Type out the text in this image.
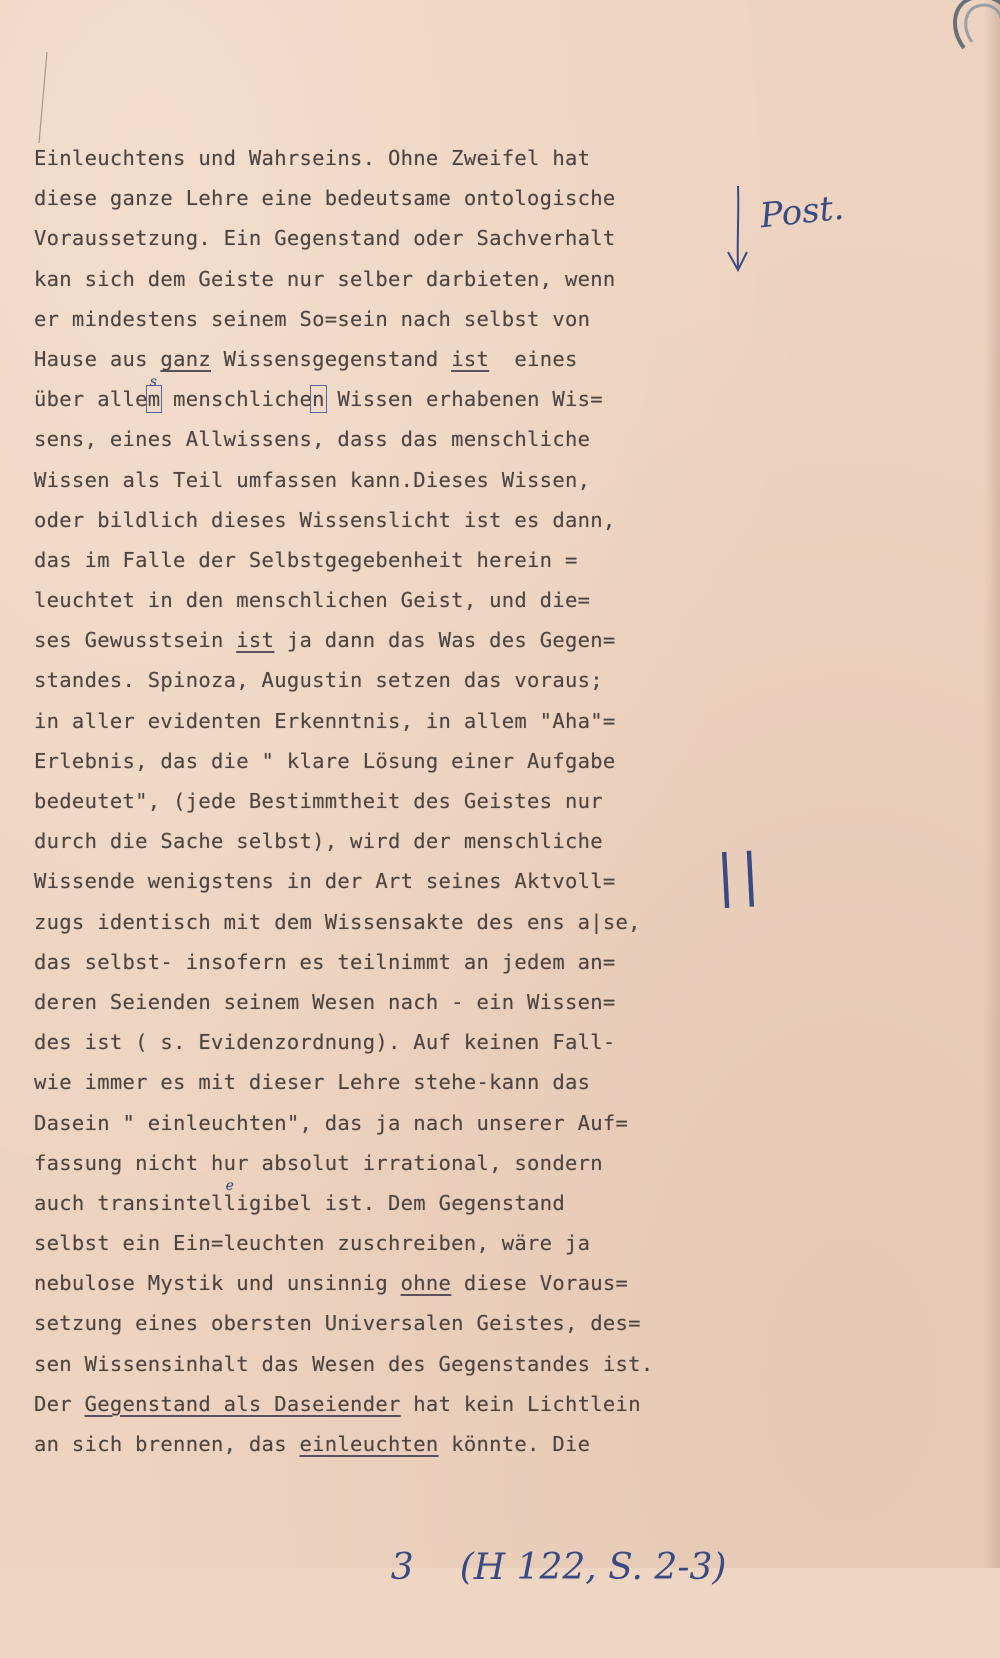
Einleuchtens und Wahrseins. Ohne Zweifel hat
diese ganze Lehre eine bedeutsame ontologische
Voraussetzung. Ein Gegenstand oder Sachverhalt
kan sich dem Geiste nur selber darbieten, wenn
er mindestens seinem So=sein nach selbst von
Hause aus ganz Wissensgegenstand ist  eines
über allem
s
menschlichen Wissen erhabenen Wis=
sens, eines Allwissens, dass das menschliche
Wissen als Teil umfassen kann.Dieses Wissen,
oder bildlich dieses Wissenslicht ist es dann,
das im Falle der Selbstgegebenheit herein =
leuchtet in den menschlichen Geist, und die=
ses Gewusstsein ist ja dann das Was des Gegen=
standes. Spinoza, Augustin setzen das voraus;
in aller evidenten Erkenntnis, in allem "Aha"=
Erlebnis, das die " klare Lösung einer Aufgabe
bedeutet", (jede Bestimmtheit des Geistes nur
durch die Sache selbst), wird der menschliche
Wissende wenigstens in der Art seines Aktvoll=
zugs identisch mit dem Wissensakte des ens a|se,
das selbst- insofern es teilnimmt an jedem an=
deren Seienden seinem Wesen nach - ein Wissen=
des ist ( s. Evidenzordnung). Auf keinen Fall-
wie immer es mit dieser Lehre stehe-kann das
Dasein " einleuchten", das ja nach unserer Auf=
fassung nicht hur absolut irrational, sondern
auch transintell
e
igibel ist. Dem Gegenstand
selbst ein Ein=leuchten zuschreiben, wäre ja
nebulose Mystik und unsinnig ohne diese Voraus=
setzung eines obersten Universalen Geistes, des=
sen Wissensinhalt das Wesen des Gegenstandes ist.
Der Gegenstand als Daseiender hat kein Lichtlein
an sich brennen, das einleuchten könnte. Die
Post.
||

3 (H 122, S. 2-3)
